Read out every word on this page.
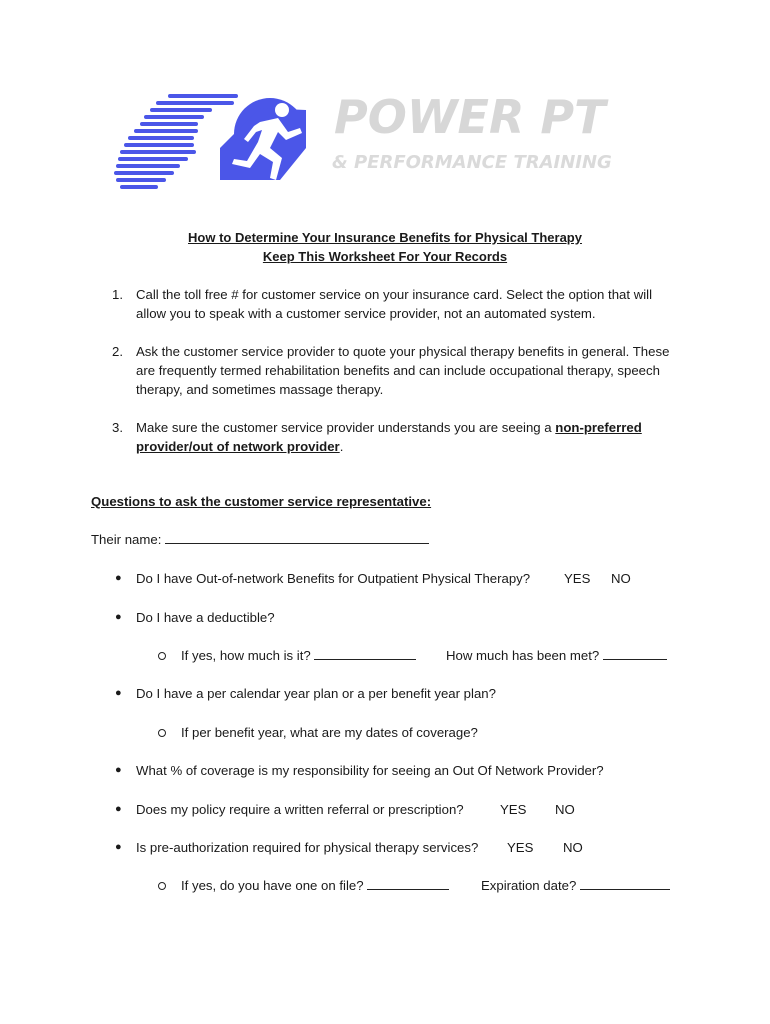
POWER PT
& PERFORMANCE TRAINING
How to Determine Your Insurance Benefits for Physical Therapy
Keep This Worksheet For Your Records
1. Call the toll free # for customer service on your insurance card. Select the option that will allow you to speak with a customer service provider, not an automated system.
2. Ask the customer service provider to quote your physical therapy benefits in general. These are frequently termed rehabilitation benefits and can include occupational therapy, speech therapy, and sometimes massage therapy.
3. Make sure the customer service provider understands you are seeing a non-preferred provider/out of network provider.
Questions to ask the customer service representative:
Their name:
● Do I have Out-of-network Benefits for Outpatient Physical Therapy?	YES NO
● Do I have a deductible?
If yes, how much is it?	How much has been met?
● Do I have a per calendar year plan or a per benefit year plan?
If per benefit year, what are my dates of coverage?
● What % of coverage is my responsibility for seeing an Out Of Network Provider?
● Does my policy require a written referral or prescription?	YES NO
● Is pre-authorization required for physical therapy services? YES NO
If yes, do you have one on file?	Expiration date?
